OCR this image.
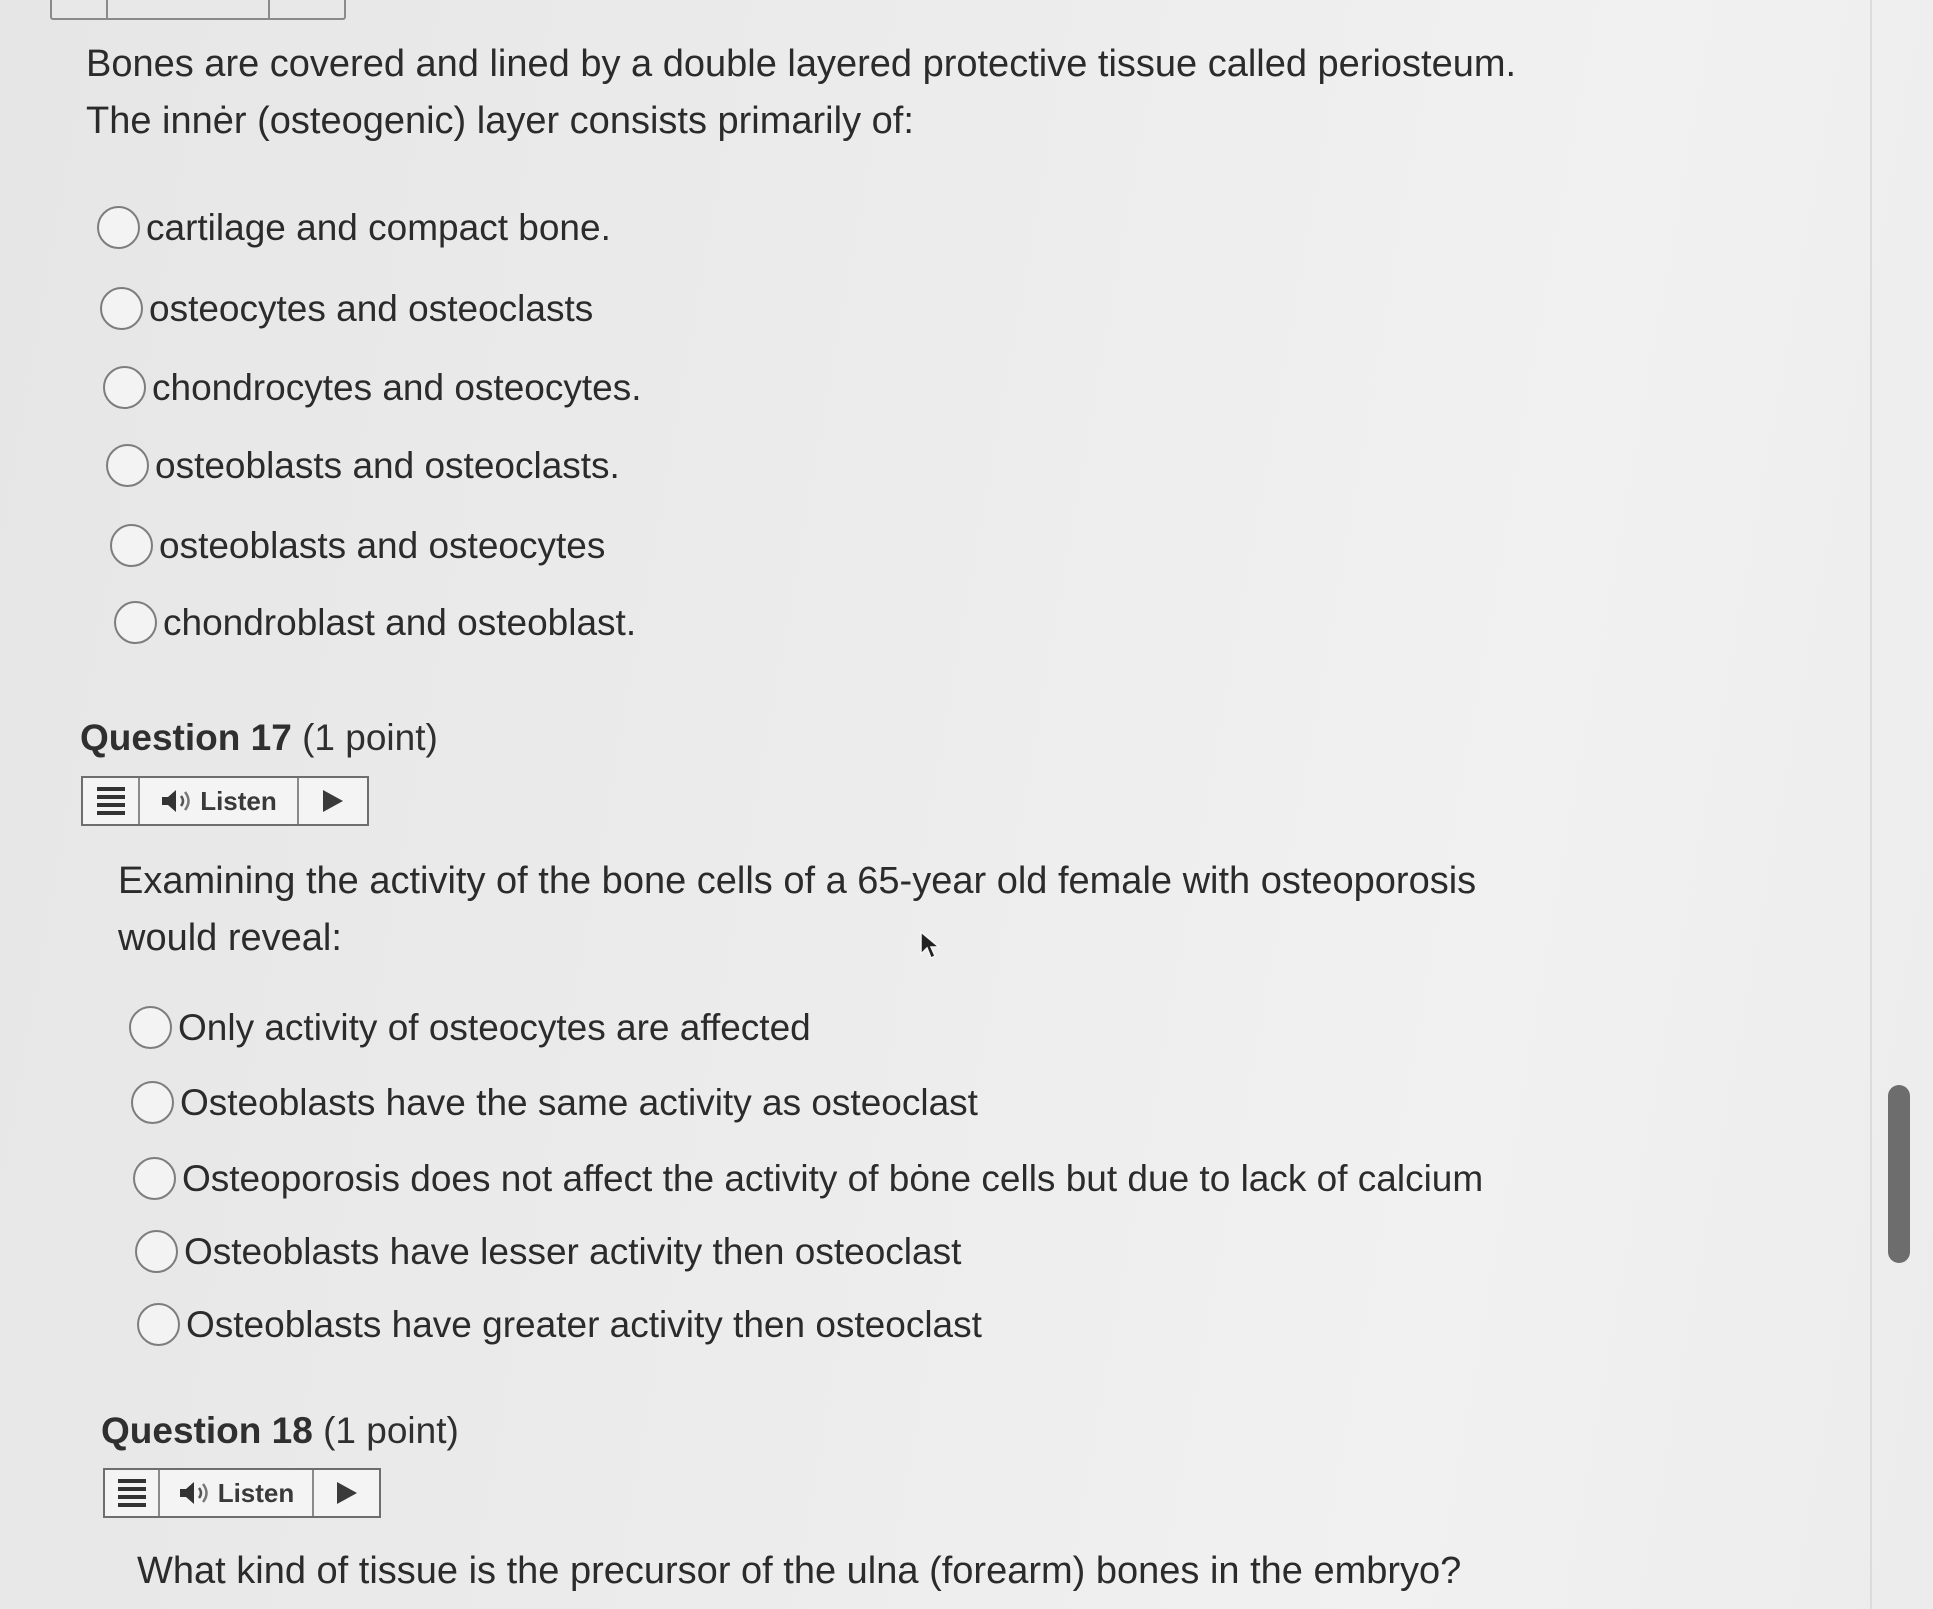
Bones are covered and lined by a double layered protective tissue called periosteum.
The innėr (osteogenic) layer consists primarily of:
cartilage and compact bone.
osteocytes and osteoclasts
chondrocytes and osteocytes.
osteoblasts and osteoclasts.
osteoblasts and osteocytes
chondroblast and osteoblast.
Question 17 (1 point)
Listen
Examining the activity of the bone cells of a 65-year old female with osteoporosis
would reveal:
Only activity of osteocytes are affected
Osteoblasts have the same activity as osteoclast
Osteoporosis does not affect the activity of bȯne cells but due to lack of calcium
Osteoblasts have lesser activity then osteoclast
Osteoblasts have greater activity then osteoclast
Question 18 (1 point)
Listen
What kind of tissue is the precursor of the ulna (forearm) bones in the embryo?
